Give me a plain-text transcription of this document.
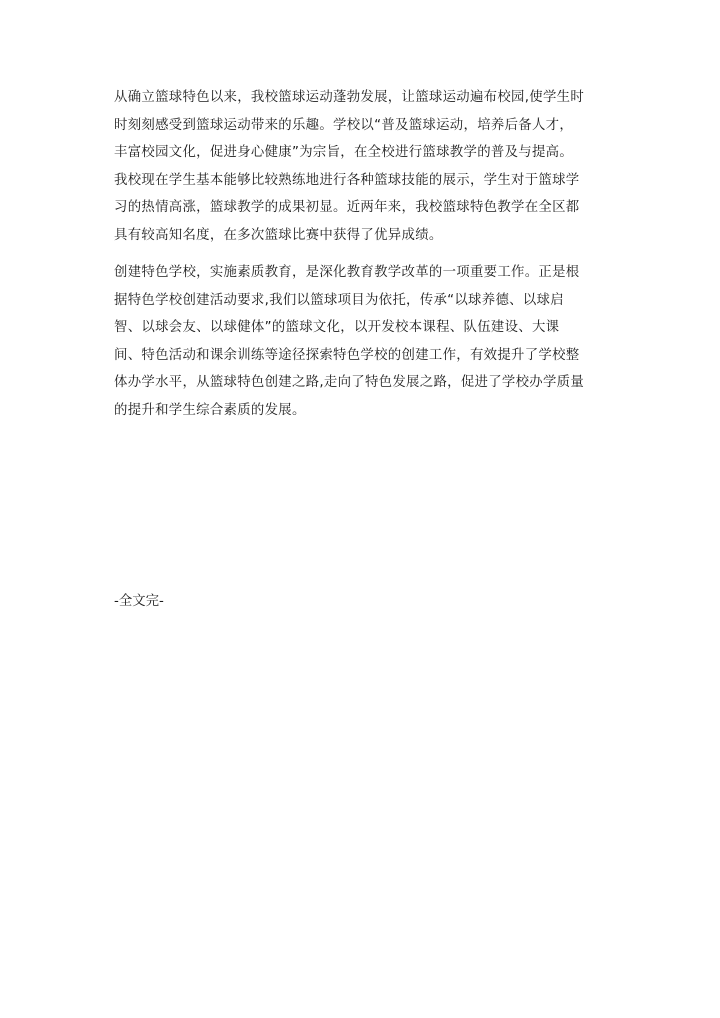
从确立篮球特色以来，我校篮球运动蓬勃发展，让篮球运动遍布校园,使学生时
时刻刻感受到篮球运动带来的乐趣。学校以“普及篮球运动，培养后备人才，
丰富校园文化，促进身心健康”为宗旨，在全校进行篮球教学的普及与提高。
我校现在学生基本能够比较熟练地进行各种篮球技能的展示，学生对于篮球学
习的热情高涨，篮球教学的成果初显。近两年来，我校篮球特色教学在全区都
具有较高知名度，在多次篮球比赛中获得了优异成绩。
创建特色学校，实施素质教育，是深化教育教学改革的一项重要工作。正是根
据特色学校创建活动要求,我们以篮球项目为依托，传承“以球养德、以球启
智、以球会友、以球健体”的篮球文化，以开发校本课程、队伍建设、大课
间、特色活动和课余训练等途径探索特色学校的创建工作，有效提升了学校整
体办学水平，从篮球特色创建之路,走向了特色发展之路，促进了学校办学质量
的提升和学生综合素质的发展。
-全文完-
